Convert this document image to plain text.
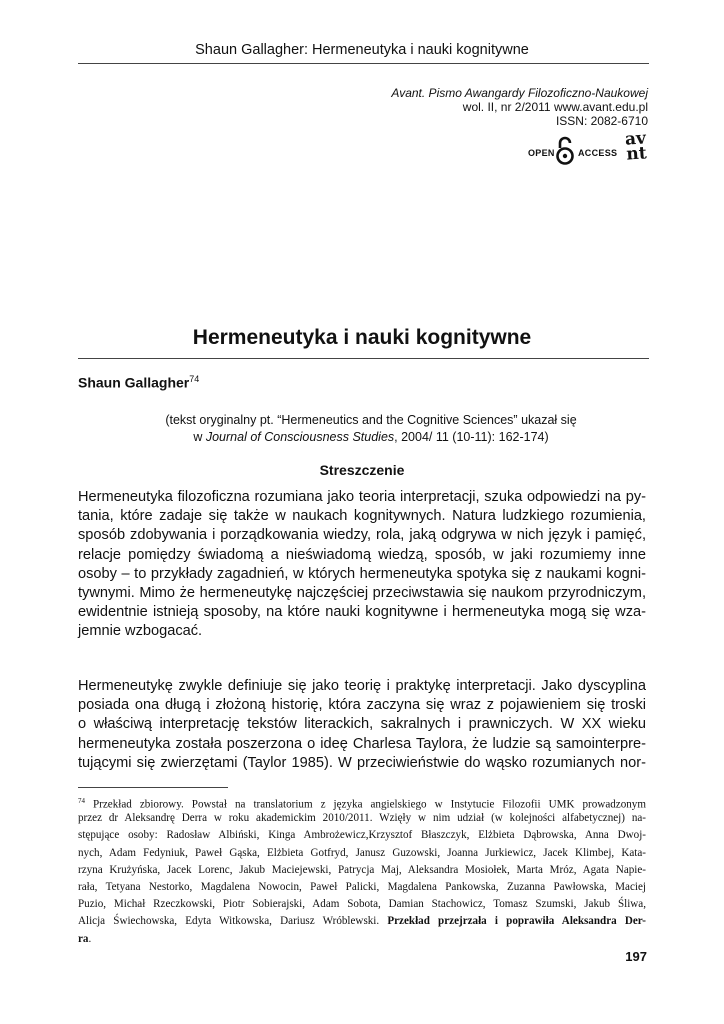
Shaun Gallagher: Hermeneutyka i nauki kognitywne
Avant. Pismo Awangardy Filozoficzno-Naukowej
wol. II, nr 2/2011 www.avant.edu.pl
ISSN: 2082-6710
OPEN	ACCESS
av
nt
Hermeneutyka i nauki kognitywne
Shaun Gallagher$^{74}$
(tekst oryginalny pt. “Hermeneutics and the Cognitive Sciences” ukazał się
w Journal of Consciousness Studies, 2004/ 11 (10-11): 162-174)
Streszczenie
Hermeneutyka filozoficzna rozumiana jako teoria interpretacji, szuka odpowiedzi na py-
tania, które zadaje się także w naukach kognitywnych. Natura ludzkiego rozumienia,
sposób zdobywania i porządkowania wiedzy, rola, jaką odgrywa w nich język i pamięć,
relacje pomiędzy świadomą a nieświadomą wiedzą, sposób, w jaki rozumiemy inne
osoby – to przykłady zagadnień, w których hermeneutyka spotyka się z naukami kogni-
tywnymi. Mimo że hermeneutykę najczęściej przeciwstawia się naukom przyrodniczym,
ewidentnie istnieją sposoby, na które nauki kognitywne i hermeneutyka mogą się wza-
jemnie wzbogacać.
Hermeneutykę zwykle definiuje się jako teorię i praktykę interpretacji. Jako dyscyplina
posiada ona długą i złożoną historię, która zaczyna się wraz z pojawieniem się troski
o właściwą interpretację tekstów literackich, sakralnych i prawniczych. W XX wieku
hermeneutyka została poszerzona o ideę Charlesa Taylora, że ludzie są samointerpre-
tującymi się zwierzętami (Taylor 1985). W przeciwieństwie do wąsko rozumianych nor-
$^{74}$ Przekład zbiorowy. Powstał na translatorium z języka angielskiego w Instytucie Filozofii UMK prowadzonym
przez dr Aleksandrę Derra w roku akademickim 2010/2011. Wzięły w nim udział (w kolejności alfabetycznej) na-
stępujące osoby: Radosław Albiński, Kinga Ambrożewicz,Krzysztof Błaszczyk, Elżbieta Dąbrowska, Anna Dwoj-
nych, Adam Fedyniuk, Paweł Gąska, Elżbieta Gotfryd, Janusz Guzowski, Joanna Jurkiewicz, Jacek Klimbej, Kata-
rzyna Krużyńska, Jacek Lorenc, Jakub Maciejewski, Patrycja Maj, Aleksandra Mosiołek, Marta Mróz, Agata Napie-
rała, Tetyana Nestorko, Magdalena Nowocin, Paweł Palicki, Magdalena Pankowska, Zuzanna Pawłowska, Maciej
Puzio, Michał Rzeczkowski, Piotr Sobierajski, Adam Sobota, Damian Stachowicz, Tomasz Szumski, Jakub Śliwa,
Alicja Świechowska, Edyta Witkowska, Dariusz Wróblewski. Przekład przejrzała i poprawiła Aleksandra Der-
ra.
197
